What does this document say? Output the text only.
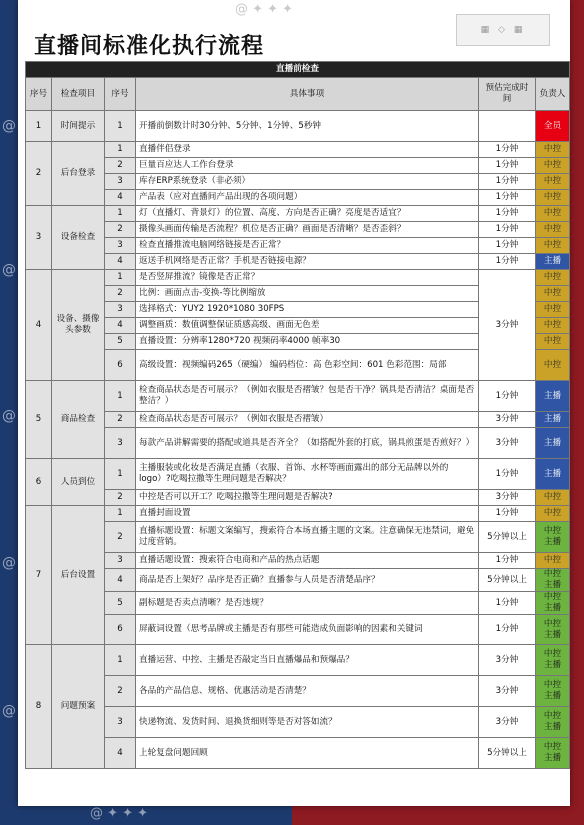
@
@
@
@
@
@ ✦ ✦ ✦
直播间标准化执行流程
▦ ◇ ▦
直播前检查					
序号	检查项目	序号	具体事项	预估完成时间	负责人
1	时间提示	1	开播前倒数计时30分钟、5分钟、1分钟、5秒钟		全员
2	后台登录	1	直播伴侣登录	1分钟	中控
		2	巨量百应达人工作台登录	1分钟	中控
		3	库存ERP系统登录（非必须）	1分钟	中控
		4	产品表（应对直播间产品出现的各项问题）	1分钟	中控
3	设备检查	1	灯（直播灯、背景灯）的位置、高度、方向是否正确？亮度是否适宜？	1分钟	中控
		2	摄像头画面传输是否流程？机位是否正确？画面是否清晰？是否歪斜？	1分钟	中控
		3	检查直播推流电脑网络链接是否正常？	1分钟	中控
		4	返送手机网络是否正常？手机是否链接电源？	1分钟	主播
4	设备、摄像头参数	1	是否竖屏推流？镜像是否正常？	3分钟	中控
		2	比例：画面点击-变换-等比例缩放		中控
		3	选择格式：YUY2 1920*1080 30FPS		中控
		4	调整画质：数值调整保证质感高级、画面无色差		中控
		5	直播设置：分辨率1280*720 视频码率4000 帧率30		中控
		6	高级设置：视频编码265（硬编） 编码档位：高 色彩空间：601 色彩范围：局部		中控
5	商品检查	1	检查商品状态是否可展示？（例如衣服是否褶皱？包是否干净？锅具是否清洁？桌面是否整洁？）	1分钟	主播
		2	检查商品状态是否可展示？（例如衣服是否褶皱）	3分钟	主播
		3	每款产品讲解需要的搭配或道具是否齐全？（如搭配外套的打底，锅具煎蛋是否煎好？）	3分钟	主播
6	人员到位	1	主播服装或化妆是否满足直播（衣服、首饰、水杯等画面露出的部分无品牌以外的logo）?吃喝拉撒等生理问题是否解决？	1分钟	主播
		2	中控是否可以开工？吃喝拉撒等生理问题是否解决?	3分钟	中控
7	后台设置	1	直播封面设置	1分钟	中控
		2	直播标题设置：标题文案编写，搜索符合本场直播主题的文案。注意确保无违禁词，避免过度营销。	5分钟以上	中控主播
		3	直播话题设置：搜索符合电商和产品的热点话题	1分钟	中控
		4	商品是否上架好？品序是否正确？直播参与人员是否清楚品序？	5分钟以上	中控主播
		5	副标题是否卖点清晰？是否违规？	1分钟	中控主播
		6	屏蔽词设置（思考品牌或主播是否有那些可能造成负面影响的因素和关键词	1分钟	中控主播
8	问题预案	1	直播运营、中控、主播是否敲定当日直播爆品和预爆品？	3分钟	中控主播
		2	各品的产品信息、规格、优惠活动是否清楚？	3分钟	中控主播
		3	快递物流、发货时间、退换货细则等是否对答如流？	3分钟	中控主播
		4	上轮复盘问题回顾	5分钟以上	中控主播
@ ✦ ✦ ✦
